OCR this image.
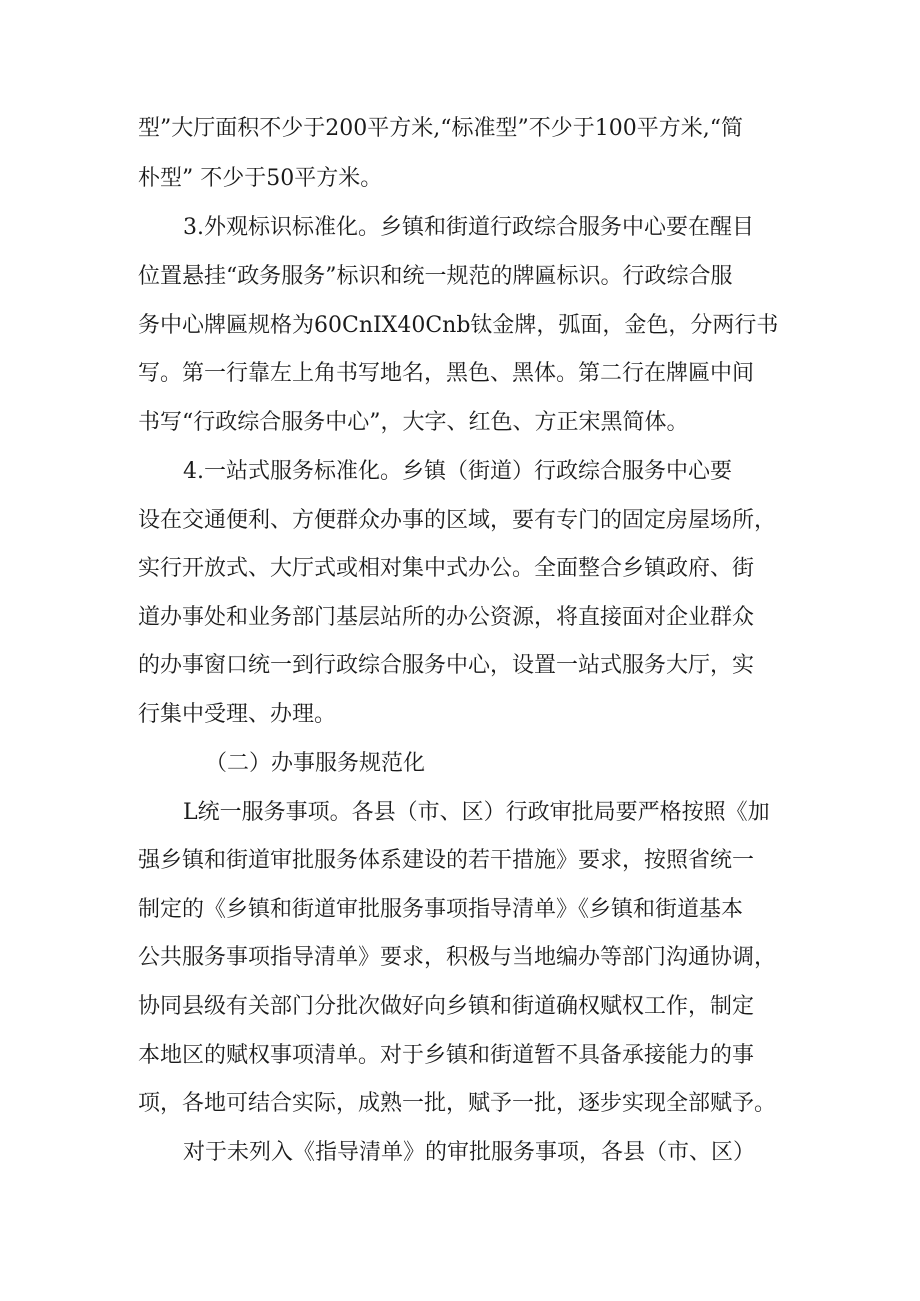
型”大厅面积不少于200平方米,“标准型”不少于100平方米,“简

朴型” 不少于50平方米。

3.外观标识标准化。乡镇和街道行政综合服务中心要在醒目

位置悬挂“政务服务”标识和统一规范的牌匾标识。行政综合服

务中心牌匾规格为60CnIX40Cnb钛金牌，弧面，金色，分两行书

写。第一行靠左上角书写地名，黑色、黑体。第二行在牌匾中间

书写“行政综合服务中心”，大字、红色、方正宋黑简体。

4.一站式服务标准化。乡镇（街道）行政综合服务中心要

设在交通便利、方便群众办事的区域，要有专门的固定房屋场所，

实行开放式、大厅式或相对集中式办公。全面整合乡镇政府、街

道办事处和业务部门基层站所的办公资源，将直接面对企业群众

的办事窗口统一到行政综合服务中心，设置一站式服务大厅，实

行集中受理、办理。

（二）办事服务规范化

L统一服务事项。各县（市、区）行政审批局要严格按照《加

强乡镇和街道审批服务体系建设的若干措施》要求，按照省统一

制定的《乡镇和街道审批服务事项指导清单》《乡镇和街道基本

公共服务事项指导清单》要求，积极与当地编办等部门沟通协调，

协同县级有关部门分批次做好向乡镇和街道确权赋权工作，制定

本地区的赋权事项清单。对于乡镇和街道暂不具备承接能力的事

项，各地可结合实际，成熟一批，赋予一批，逐步实现全部赋予。

对于未列入《指导清单》的审批服务事项，各县（市、区）
